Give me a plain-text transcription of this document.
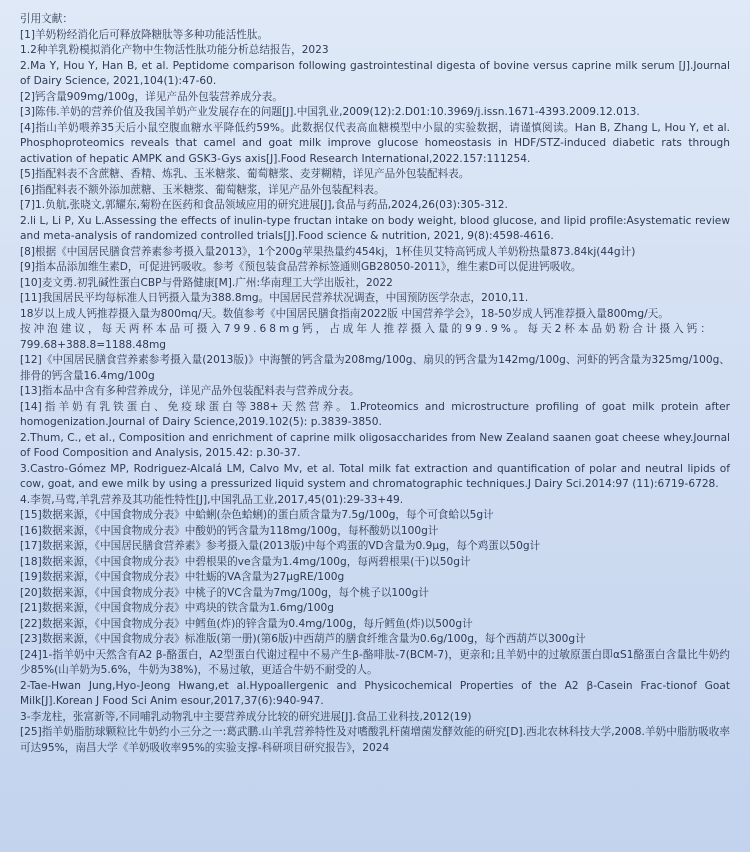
引用文献：
[1]羊奶粉经消化后可释放降糖肽等多种功能活性肽。
1.2种羊乳粉模拟消化产物中生物活性肽功能分析总结报告，2023
2.Ma Y, Hou Y, Han B, et al. Peptidome comparison following gastrointestinal digesta of bovine versus caprine milk serum [J].Journal of Dairy Science, 2021,104(1):47-60.
[2]钙含量909mg/100g，详见产品外包装营养成分表。
[3]陈伟.羊奶的营养价值及我国羊奶产业发展存在的问题[J].中国乳业,2009(12):2.D01:10.3969/j.issn.1671-4393.2009.12.013.
[4]指山羊奶喂养35天后小鼠空腹血糖水平降低约59%。此数据仅代表高血糖模型中小鼠的实验数据，请谨慎阅读。Han B, Zhang L, Hou Y, et al. Phosphoproteomics reveals that camel and goat milk improve glucose homeostasis in HDF/STZ-induced diabetic rats through activation of hepatic AMPK and GSK3-Gys axis[J].Food Research International,2022.157:111254.
[5]指配料表不含蔗糖、香精、炼乳、玉米糖浆、葡萄糖浆、麦芽糊精，详见产品外包装配料表。
[6]指配料表不额外添加蔗糖、玉米糖浆、葡萄糖浆，详见产品外包装配料表。
[7]1.负航,张晓文,郭耀东,菊粉在医药和食品领域应用的研究进展[J],食品与药品,2024,26(03):305-312.
2.li L, Li P, Xu L.Assessing the effects of inulin-type fructan intake on body weight, blood glucose, and lipid profile:Asystematic review and meta-analysis of randomized controlled trials[J].Food science & nutrition, 2021, 9(8):4598-4616.
[8]根据《中国居民膳食营养素参考摄入量2013》，1个200g苹果热量约454kj，1杯佳贝艾特高钙成人羊奶粉热量873.84kj(44g计)
[9]指本品添加维生素D，可促进钙吸收。参考《预包装食品营养标签通则GB28050-2011》，维生素D可以促进钙吸收。
[10]麦文勇.初乳碱性蛋白CBP与骨路健康[M].广州:华南理工大学出版社，2022
[11]我国居民平均每标准人日钙摄入量为388.8mg。中国居民营养状况调查，中国预防医学杂志，2010,11.
18岁以上成人钙推荐摄入量为800mq/天。数值参考《中国居民膳食指南2022版 中国营养学会》，18-50岁成人钙准荐摄入量800mg/天。
按冲泡建议，每天两杯本品可摄入799.68mg钙，占成年人推荐摄入量的99.9%。每天2杯本品奶粉合计摄入钙：
799.68+388.8=1188.48mg
[12]《中国居民膳食营养素参考摄入量(2013版)》中海蟹的钙含量为208mg/100g、扇贝的钙含量为142mg/100g、河虾的钙含量为325mg/100g、排骨的钙含量16.4mg/100g
[13]指本品中含有多种营养成分，详见产品外包装配料表与营养成分表。
[14]指羊奶有乳铁蛋白、免疫球蛋白等388+天然营养。1.Proteomics and microstructure profiling of goat milk protein after homogenization.Journal of Dairy Science,2019.102(5): p.3839-3850.
2.Thum, C., et al., Composition and enrichment of caprine milk oligosaccharides from New Zealand saanen goat cheese whey.Journal of Food Composition and Analysis, 2015.42: p.30-37.
3.Castro-Gómez MP, Rodriguez-Alcalá LM, Calvo Mv, et al. Total milk fat extraction and quantification of polar and neutral lipids of cow, goat, and ewe milk by using a pressurized liquid system and chromatographic techniques.J Dairy Sci.2014:97 (11):6719-6728.
4.李贺,马莺,羊乳营养及其功能性特性[J],中国乳品工业,2017,45(01):29-33+49.
[15]数据来源，《中国食物成分表》中蛤蜊(杂色蛤蜊)的蛋白质含量为7.5g/100g，每个可食蛤以5g计
[16]数据来源，《中国食物成分表》中酸奶的钙含量为118mg/100g，每杯酸奶以100g计
[17]数据来源，《中国居民膳食营养素》参考摄入量(2013版)中每个鸡蛋的VD含量为0.9μg，每个鸡蛋以50g计
[18]数据来源，《中国食物成分表》中碧根果的ve含量为1.4mg/100g，每两碧根果(干)以50g计
[19]数据来源，《中国食物成分表》中牡蛎的VA含量为27μgRE/100g
[20]数据来源，《中国食物成分表》中桃子的VC含量为7mg/100g，每个桃子以100g计
[21]数据来源，《中国食物成分表》中鸡块的铁含量为1.6mg/100g
[22]数据来源，《中国食物成分表》中鳕鱼(炸)的锌含量为0.4mg/100g，每斤鳕鱼(炸)以500g计
[23]数据来源，《中国食物成分表》标准版(第一册)(第6版)中西葫芦的膳食纤维含量为0.6g/100g，每个西葫芦以300g计
[24]1-指羊奶中天然含有A2 β-酪蛋白，A2型蛋白代谢过程中不易产生β-酪啡肽-7(BCM-7)，更亲和;且羊奶中的过敏原蛋白即αS1酪蛋白含量比牛奶约少85%(山羊奶为5.6%，牛奶为38%)，不易过敏，更适合牛奶不耐受的人。
2-Tae-Hwan Jung,Hyo-Jeong Hwang,et al.Hypoallergenic and Physicochemical Properties of the A2 β-Casein Frac-tionof Goat Milk[J].Korean J Food Sci Anim esour,2017,37(6):940-947.
3-李龙柱，张富新等,不同哺乳动物乳中主要营养成分比较的研究进展[J].食品工业科技,2012(19)
[25]指羊奶脂肪球颗粒比牛奶约小三分之一:葛武鹏.山羊乳营养特性及对嗜酸乳杆菌增菌发酵效能的研究[D].西北农林科技大学,2008.羊奶中脂肪吸收率可达95%，南昌大学《羊奶吸收率95%的实验支撑-科研项目研究报告》，2024
